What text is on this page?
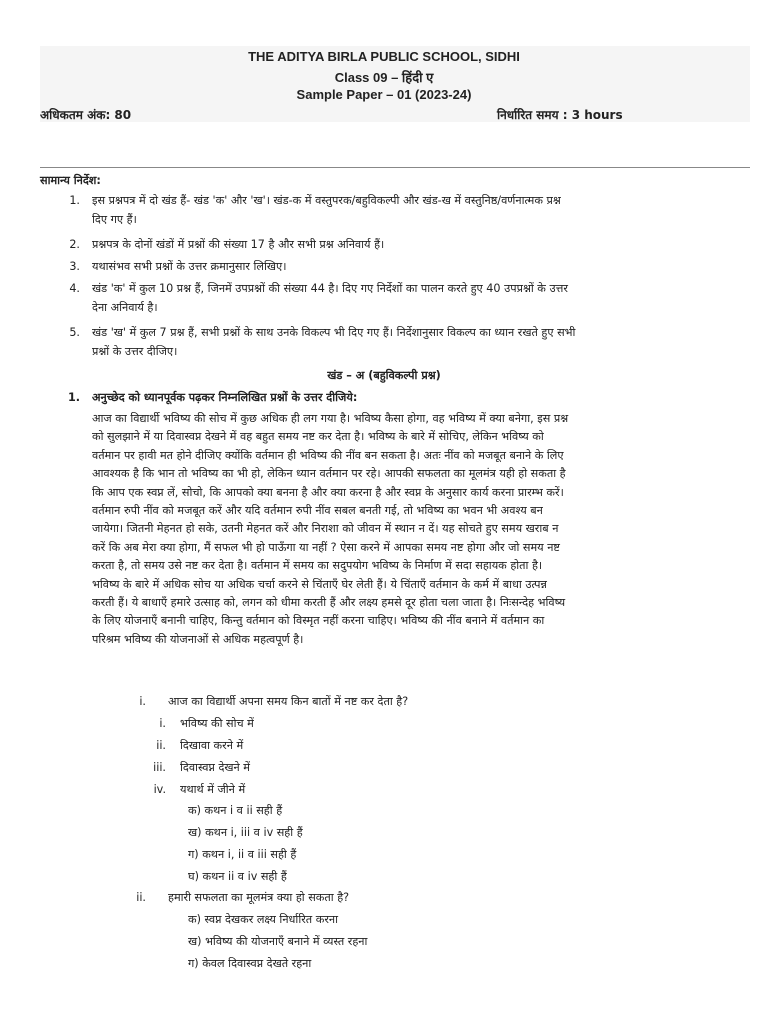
THE ADITYA BIRLA PUBLIC SCHOOL, SIDHI
Class 09 – हिंदी ए
Sample Paper – 01 (2023-24)
अधिकतम अंक: 80	निर्धारित समय : 3 hours
सामान्य निर्देश:
1. इस प्रश्नपत्र में दो खंड हैं- खंड 'क' और 'ख'। खंड-क में वस्तुपरक/बहुविकल्पी और खंड-ख में वस्तुनिष्ठ/वर्णनात्मक प्रश्न
दिए गए हैं।
2. प्रश्नपत्र के दोनों खंडों में प्रश्नों की संख्या 17 है और सभी प्रश्न अनिवार्य हैं।
3. यथासंभव सभी प्रश्नों के उत्तर क्रमानुसार लिखिए।
4. खंड 'क' में कुल 10 प्रश्न हैं, जिनमें उपप्रश्नों की संख्या 44 है। दिए गए निर्देशों का पालन करते हुए 40 उपप्रश्नों के उत्तर
देना अनिवार्य है।
5. खंड 'ख' में कुल 7 प्रश्न हैं, सभी प्रश्नों के साथ उनके विकल्प भी दिए गए हैं। निर्देशानुसार विकल्प का ध्यान रखते हुए सभी
प्रश्नों के उत्तर दीजिए।
खंड – अ (बहुविकल्पी प्रश्न)
1. अनुच्छेद को ध्यानपूर्वक पढ़कर निम्नलिखित प्रश्नों के उत्तर दीजिये:

आज का विद्यार्थी भविष्य की सोच में कुछ अधिक ही लग गया है। भविष्य कैसा होगा, वह भविष्य में क्या बनेगा, इस प्रश्न

को सुलझाने में या दिवास्वप्न देखने में वह बहुत समय नष्ट कर देता है। भविष्य के बारे में सोचिए, लेकिन भविष्य को

वर्तमान पर हावी मत होने दीजिए क्योंकि वर्तमान ही भविष्य की नींव बन सकता है। अतः नींव को मजबूत बनाने के लिए

आवश्यक है कि भान तो भविष्य का भी हो, लेकिन ध्यान वर्तमान पर रहे। आपकी सफलता का मूलमंत्र यही हो सकता है

कि आप एक स्वप्न लें, सोचो, कि आपको क्या बनना है और क्या करना है और स्वप्न के अनुसार कार्य करना प्रारम्भ करें।

वर्तमान रुपी नींव को मजबूत करें और यदि वर्तमान रुपी नींव सबल बनती गई, तो भविष्य का भवन भी अवश्य बन

जायेगा। जितनी मेहनत हो सके, उतनी मेहनत करें और निराशा को जीवन में स्थान न दें। यह सोचते हुए समय खराब न

करें कि अब मेरा क्या होगा, मैं सफल भी हो पाऊँगा या नहीं ? ऐसा करने में आपका समय नष्ट होगा और जो समय नष्ट

करता है, तो समय उसे नष्ट कर देता है। वर्तमान में समय का सदुपयोग भविष्य के निर्माण में सदा सहायक होता है।

भविष्य के बारे में अधिक सोच या अधिक चर्चा करने से चिंताएँ घेर लेती हैं। ये चिंताएँ वर्तमान के कर्म में बाधा उत्पन्न

करती हैं। ये बाधाएँ हमारे उत्साह को, लगन को धीमा करती हैं और लक्ष्य हमसे दूर होता चला जाता है। निःसन्देह भविष्य

के लिए योजनाएँ बनानी चाहिए, किन्तु वर्तमान को विस्मृत नहीं करना चाहिए। भविष्य की नींव बनाने में वर्तमान का

परिश्रम भविष्य की योजनाओं से अधिक महत्वपूर्ण है।

i. आज का विद्यार्थी अपना समय किन बातों में नष्ट कर देता है?
i. भविष्य की सोच में
ii. दिखावा करने में
iii. दिवास्वप्न देखने में
iv. यथार्थ में जीने में
क) कथन i व ii सही हैं
ख) कथन i, iii व iv सही हैं
ग) कथन i, ii व iii सही हैं
घ) कथन ii व iv सही हैं
ii. हमारी सफलता का मूलमंत्र क्या हो सकता है?
क) स्वप्न देखकर लक्ष्य निर्धारित करना
ख) भविष्य की योजनाएँ बनाने में व्यस्त रहना
ग) केवल दिवास्वप्न देखते रहना
